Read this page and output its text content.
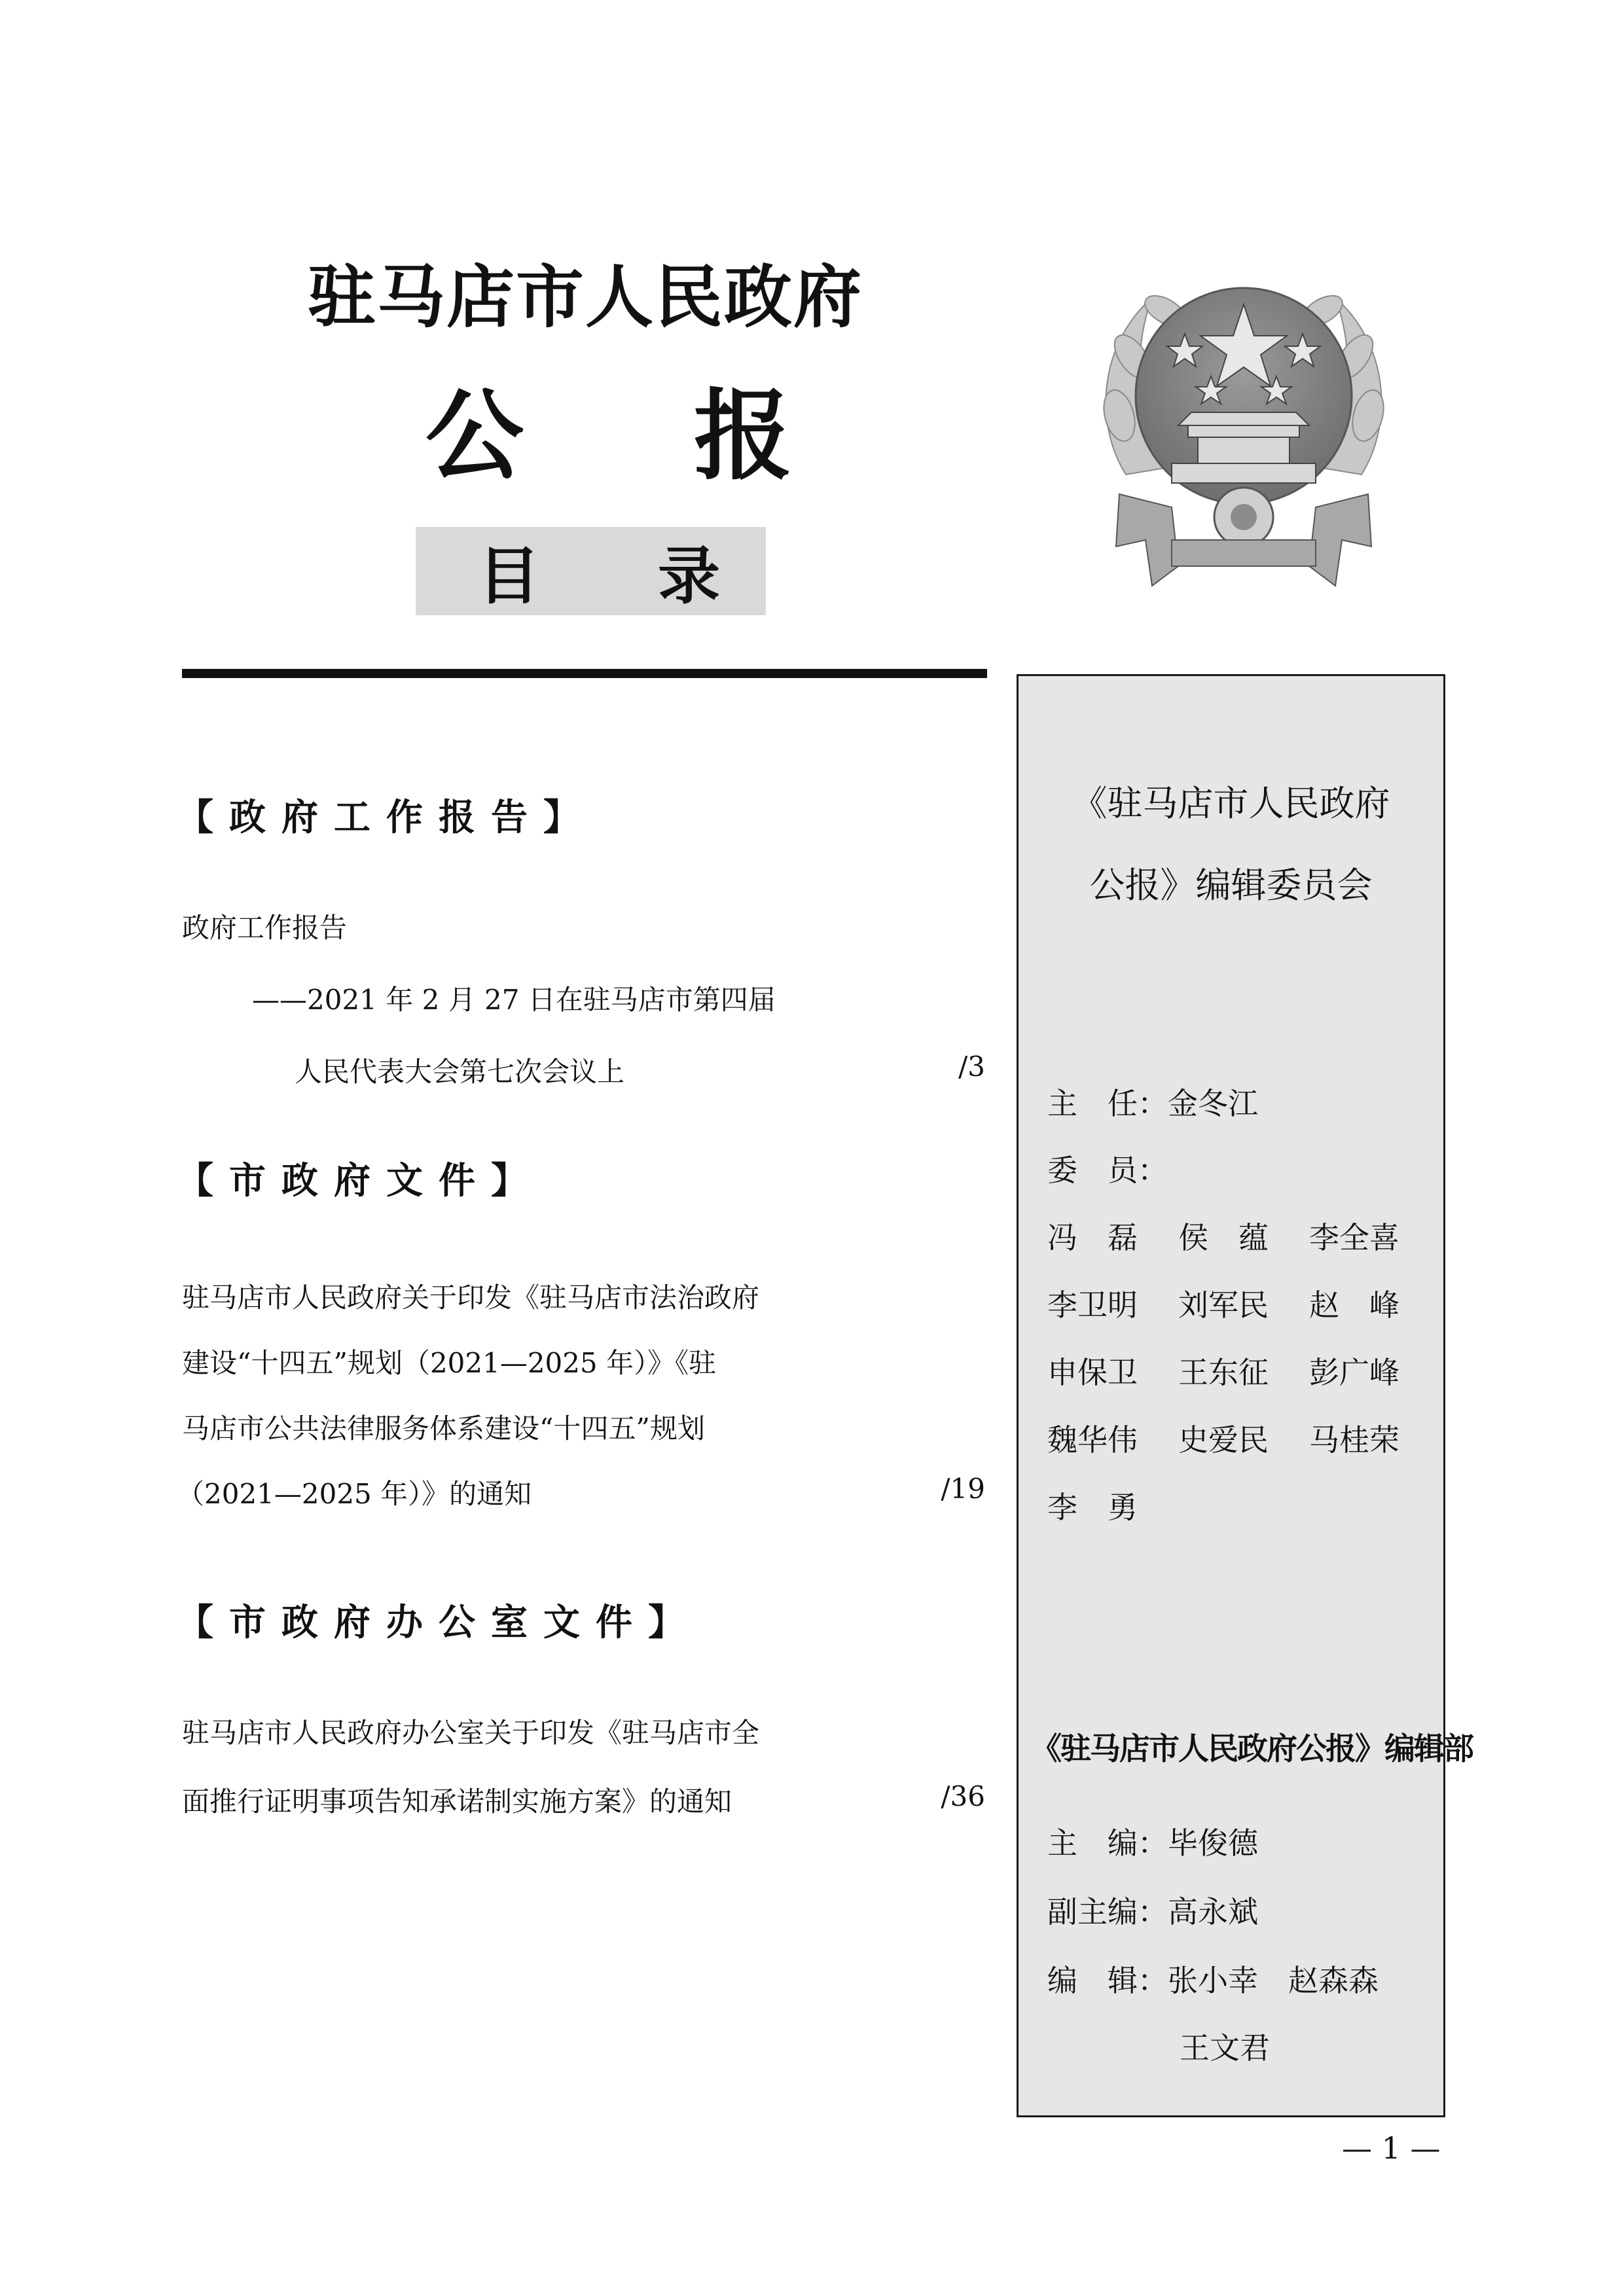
驻马店市人民政府
公 报
目 录
【政府工作报告】
政府工作报告
——2021 年 2 月 27 日在驻马店市第四届
人民代表大会第七次会议上	/3
【市政府文件】
驻马店市人民政府关于印发《驻马店市法治政府
建设“十四五”规划（2021—2025 年）》《驻
马店市公共法律服务体系建设“十四五”规划
（2021—2025 年）》的通知	/19
【市政府办公室文件】
驻马店市人民政府办公室关于印发《驻马店市全
面推行证明事项告知承诺制实施方案》的通知	/36
《驻马店市人民政府
公报》编辑委员会
主　任：金冬江
委　员：
冯　磊	侯　蕴	李全喜
李卫明	刘军民	赵　峰
申保卫	王东征	彭广峰
魏华伟	史爱民	马桂荣
李　勇
《驻马店市人民政府公报》编辑部
主　编：毕俊德
副主编：高永斌
编　辑：张小幸　赵森森
王文君
— 1 —
